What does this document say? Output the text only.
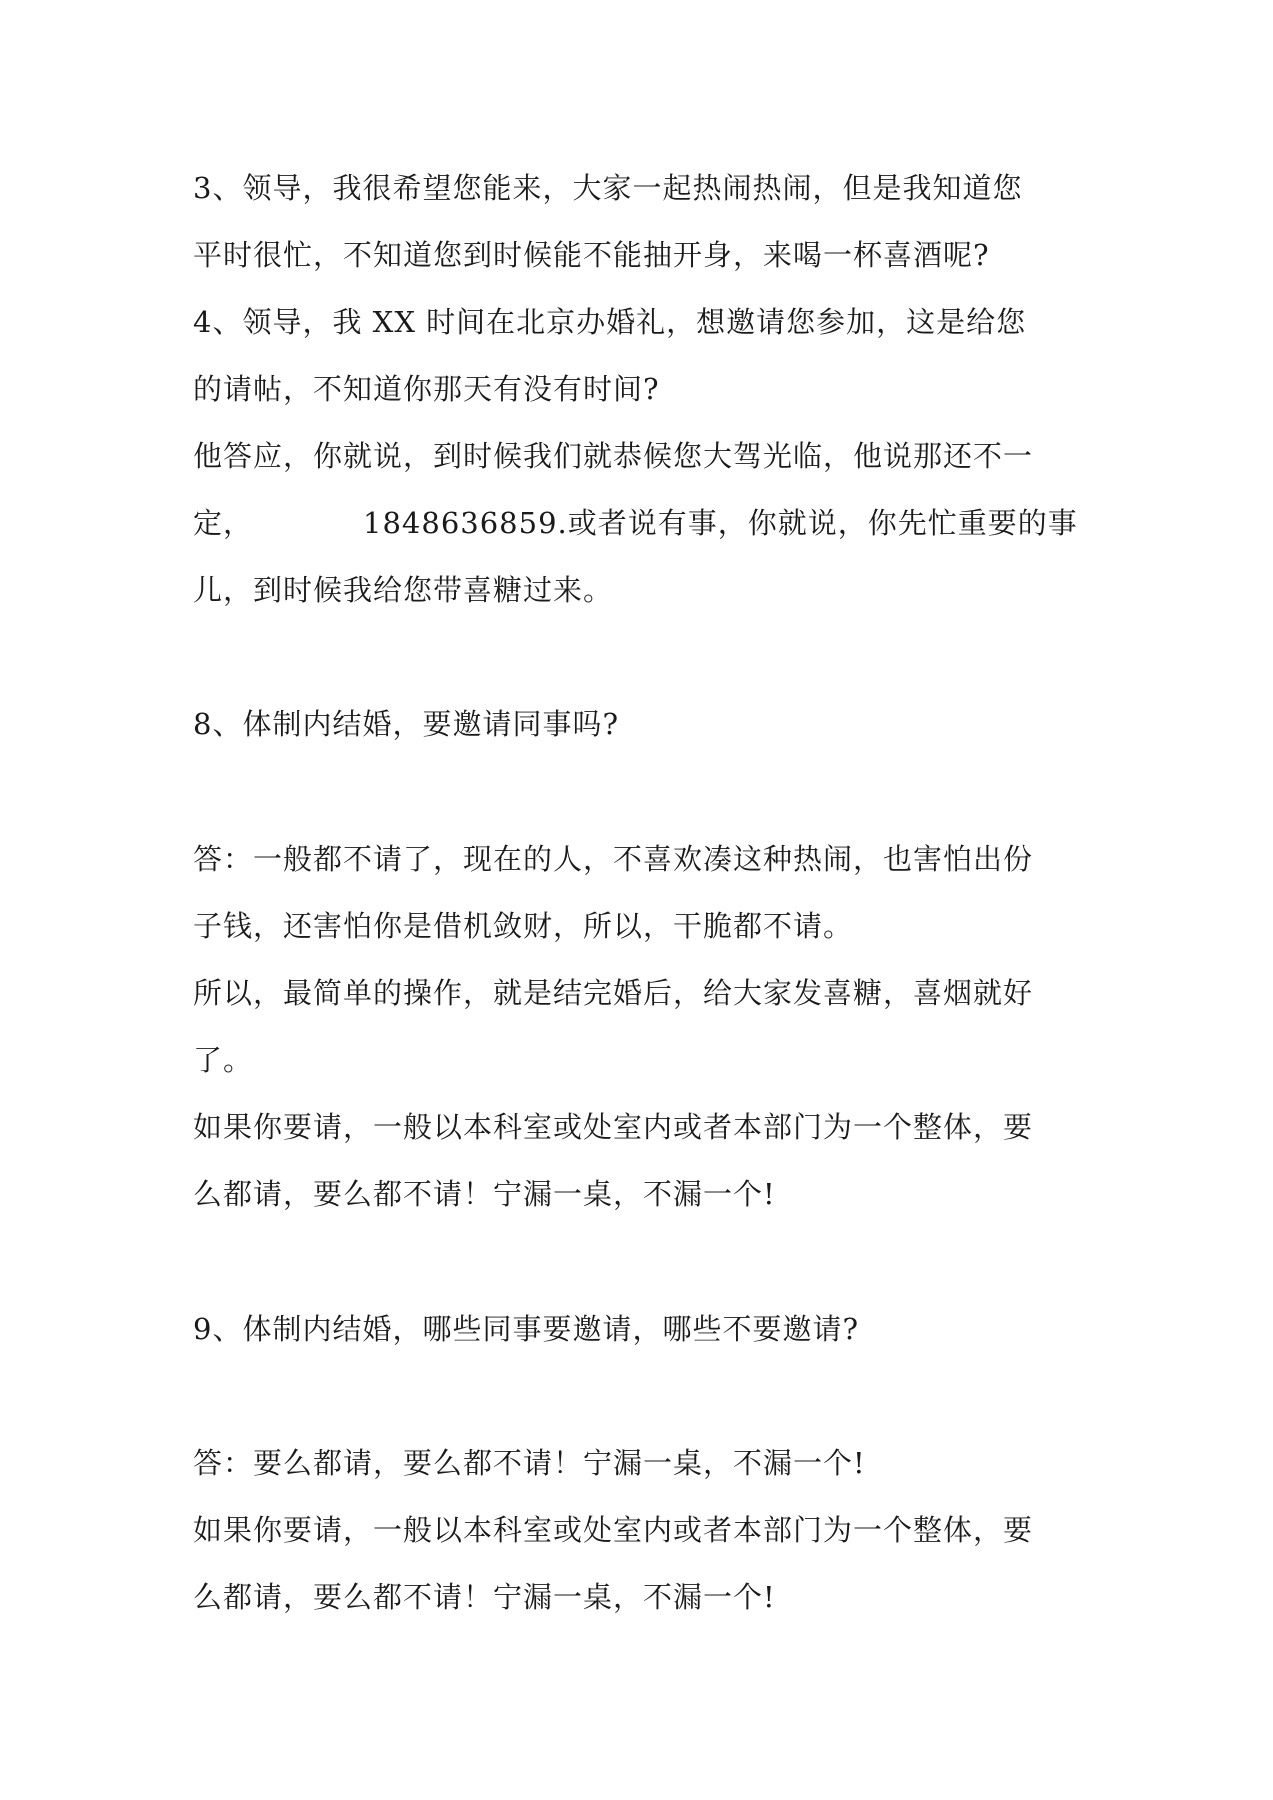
3、领导，我很希望您能来，大家一起热闹热闹，但是我知道您
平时很忙，不知道您到时候能不能抽开身，来喝一杯喜酒呢?
4、领导，我 XX 时间在北京办婚礼，想邀请您参加，这是给您
的请帖，不知道你那天有没有时间?
他答应，你就说，到时候我们就恭候您大驾光临，他说那还不一
定，	1848636859.或者说有事，你就说，你先忙重要的事
儿，到时候我给您带喜糖过来。
8、体制内结婚，要邀请同事吗?
答：一般都不请了，现在的人，不喜欢凑这种热闹，也害怕出份
子钱，还害怕你是借机敛财，所以，干脆都不请。
所以，最简单的操作，就是结完婚后，给大家发喜糖，喜烟就好
了。
如果你要请，一般以本科室或处室内或者本部门为一个整体，要
么都请，要么都不请！宁漏一桌，不漏一个!
9、体制内结婚，哪些同事要邀请，哪些不要邀请?
答：要么都请，要么都不请！宁漏一桌，不漏一个!
如果你要请，一般以本科室或处室内或者本部门为一个整体，要
么都请，要么都不请！宁漏一桌，不漏一个!
